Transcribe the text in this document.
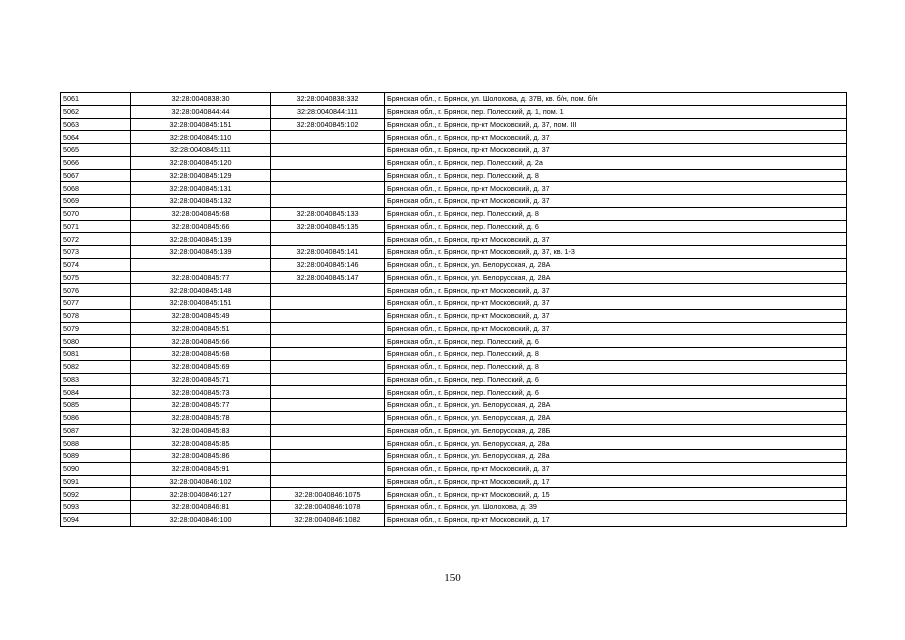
5061	32:28:0040838:30	32:28:0040838:332	Брянская обл., г. Брянск, ул. Шолохова, д. 37В, кв. б/н, пом. б/н
5062	32:28:0040844:44	32:28:0040844:111	Брянская обл., г. Брянск, пер. Полесский, д. 1, пом. 1
5063	32:28:0040845:151	32:28:0040845:102	Брянская обл., г. Брянск, пр-кт Московский, д. 37, пом. III
5064	32:28:0040845:110		Брянская обл., г. Брянск, пр-кт Московский, д. 37
5065	32:28:0040845:111		Брянская обл., г. Брянск, пр-кт Московский, д. 37
5066	32:28:0040845:120		Брянская обл., г. Брянск, пер. Полесский, д. 2а
5067	32:28:0040845:129		Брянская обл., г. Брянск, пер. Полесский, д. 8
5068	32:28:0040845:131		Брянская обл., г. Брянск, пр-кт Московский, д. 37
5069	32:28:0040845:132		Брянская обл., г. Брянск, пр-кт Московский, д. 37
5070	32:28:0040845:68	32:28:0040845:133	Брянская обл., г. Брянск, пер. Полесский, д. 8
5071	32:28:0040845:66	32:28:0040845:135	Брянская обл., г. Брянск, пер. Полесский, д. 6
5072	32:28:0040845:139		Брянская обл., г. Брянск, пр-кт Московский, д. 37
5073	32:28:0040845:139	32:28:0040845:141	Брянская обл., г. Брянск, пр-кт Московский, д. 37, кв. 1-3
5074		32:28:0040845:146	Брянская обл., г. Брянск, ул. Белорусская, д. 28А
5075	32:28:0040845:77	32:28:0040845:147	Брянская обл., г. Брянск, ул. Белорусская, д. 28А
5076	32:28:0040845:148		Брянская обл., г. Брянск, пр-кт Московский, д. 37
5077	32:28:0040845:151		Брянская обл., г. Брянск, пр-кт Московский, д. 37
5078	32:28:0040845:49		Брянская обл., г. Брянск, пр-кт Московский, д. 37
5079	32:28:0040845:51		Брянская обл., г. Брянск, пр-кт Московский, д. 37
5080	32:28:0040845:66		Брянская обл., г. Брянск, пер. Полесский, д. 6
5081	32:28:0040845:68		Брянская обл., г. Брянск, пер. Полесский, д. 8
5082	32:28:0040845:69		Брянская обл., г. Брянск, пер. Полесский, д. 8
5083	32:28:0040845:71		Брянская обл., г. Брянск, пер. Полесский, д. 6
5084	32:28:0040845:73		Брянская обл., г. Брянск, пер. Полесский, д. 6
5085	32:28:0040845:77		Брянская обл., г. Брянск, ул. Белорусская, д. 28А
5086	32:28:0040845:78		Брянская обл., г. Брянск, ул. Белорусская, д. 28А
5087	32:28:0040845:83		Брянская обл., г. Брянск, ул. Белорусская, д. 28Б
5088	32:28:0040845:85		Брянская обл., г. Брянск, ул. Белорусская, д. 28а
5089	32:28:0040845:86		Брянская обл., г. Брянск, ул. Белорусская, д. 28а
5090	32:28:0040845:91		Брянская обл., г. Брянск, пр-кт Московский, д. 37
5091	32:28:0040846:102		Брянская обл., г. Брянск, пр-кт Московский, д. 17
5092	32:28:0040846:127	32:28:0040846:1075	Брянская обл., г. Брянск, пр-кт Московский, д. 15
5093	32:28:0040846:81	32:28:0040846:1078	Брянская обл., г. Брянск, ул. Шолохова, д. 39
5094	32:28:0040846:100	32:28:0040846:1082	Брянская обл., г. Брянск, пр-кт Московский, д. 17
150
